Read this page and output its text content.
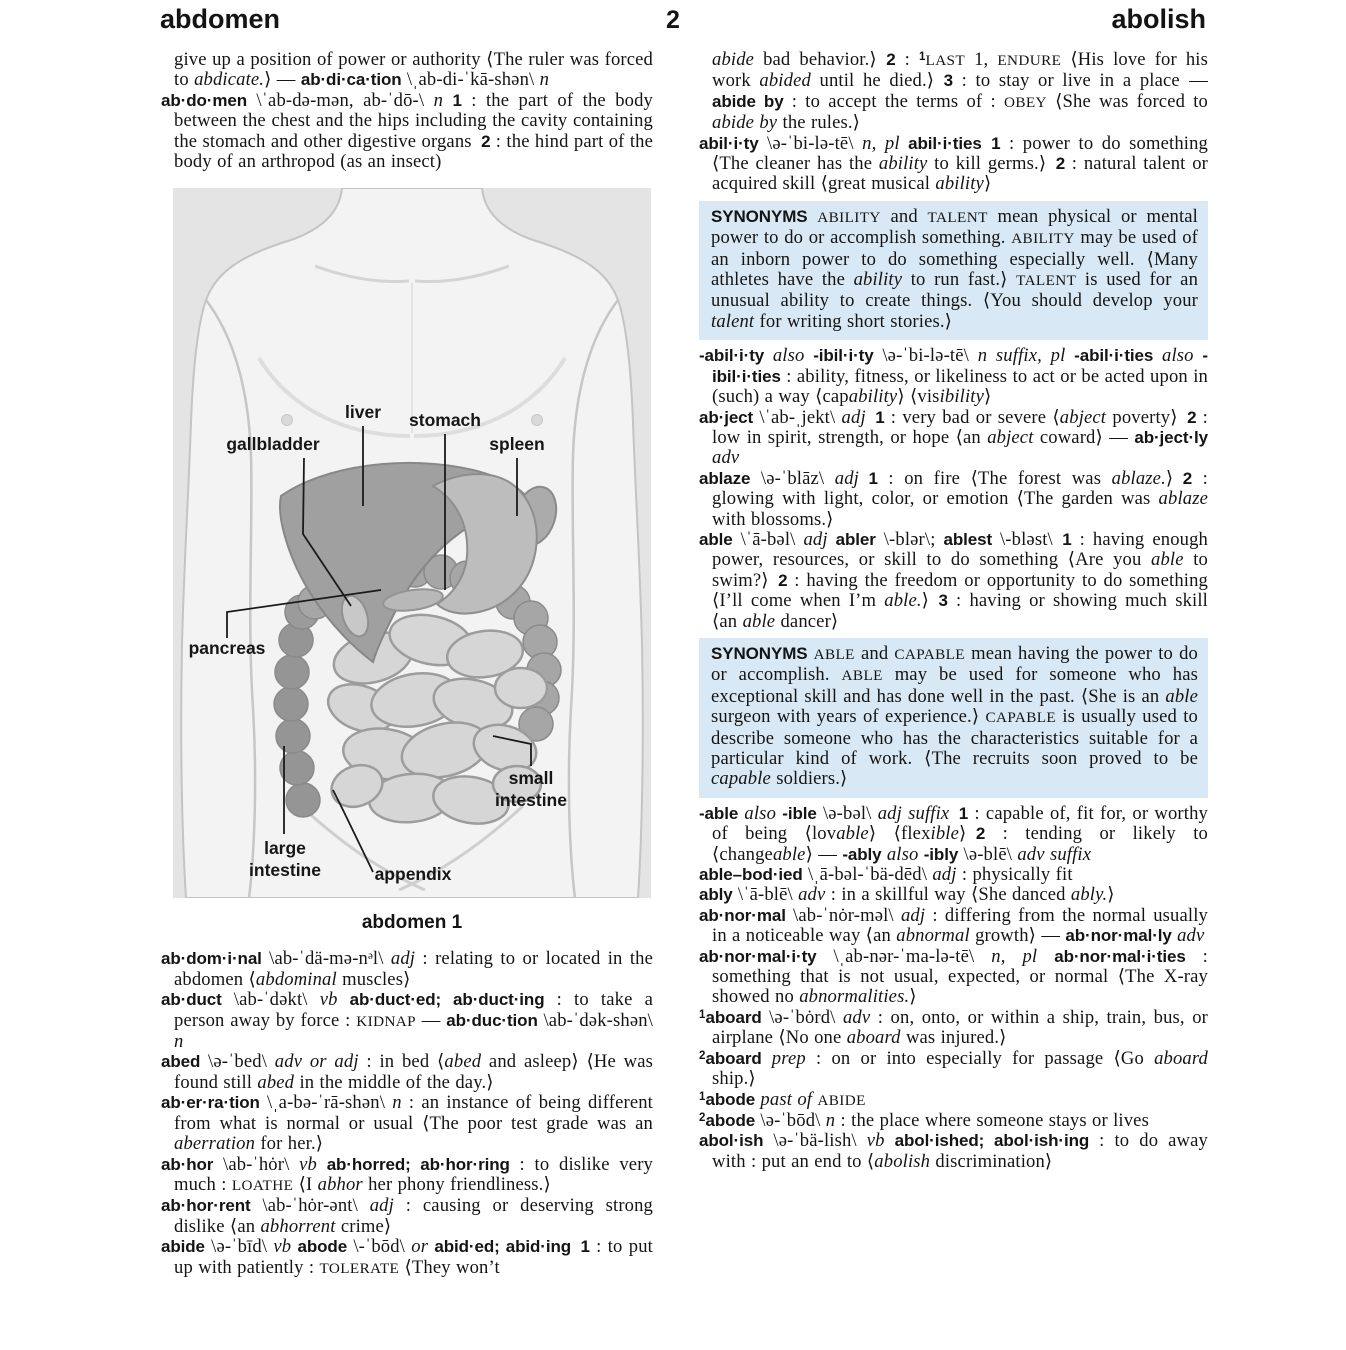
abdomen	2	abolish

give up a position of power or authority ⟨The ruler was forced to abdicate.⟩ — ab·di·ca·tion \ˌab-di-ˈkā-shən\ n

ab·do·men \ˈab-də-mən, ab-ˈdō-\ n  1 : the part of the body between the chest and the hips including the cavity containing the stomach and other digestive organs 2 : the hind part of the body of an arthropod (as an insect)

liver stomach
spleen
gallbladder
pancreas
large
intestine	appendix
small
intestine
abdomen 1

ab·dom·i·nal \ab-ˈdä-mə-nᵊl\ adj : relating to or located in the abdomen ⟨abdominal muscles⟩

ab·duct \ab-ˈdəkt\ vb ab·duct·ed; ab·duct·ing : to take a person away by force : KIDNAP — ab·duc·tion \ab-ˈdək-shən\ n

abed \ə-ˈbed\ adv or adj : in bed ⟨abed and asleep⟩ ⟨He was found still abed in the middle of the day.⟩

ab·er·ra·tion \ˌa-bə-ˈrā-shən\ n : an instance of being different from what is normal or usual ⟨The poor test grade was an aberration for her.⟩

ab·hor \ab-ˈhȯr\ vb ab·horred; ab·hor·ring : to dislike very much : LOATHE ⟨I abhor her phony friendliness.⟩

ab·hor·rent \ab-ˈhȯr-ənt\ adj : causing or deserving strong dislike ⟨an abhorrent crime⟩

abide \ə-ˈbīd\ vb abode \-ˈbōd\ or abid·ed; abid·ing  1 : to put up with patiently : TOLERATE ⟨They won’t

abide bad behavior.⟩ 2 : $^1$LAST 1, ENDURE ⟨His love for his work abided until he died.⟩ 3 : to stay or live in a place — abide by : to accept the terms of : OBEY ⟨She was forced to abide by the rules.⟩

abil·i·ty \ə-ˈbi-lə-tē\ n, pl abil·i·ties  1 : power to do something ⟨The cleaner has the ability to kill germs.⟩ 2 : natural talent or acquired skill ⟨great musical ability⟩

SYNONYMS ABILITY and TALENT mean physical or mental power to do or accomplish something. ABILITY may be used of an inborn power to do something especially well. ⟨Many athletes have the ability to run fast.⟩ TALENT is used for an unusual ability to create things. ⟨You should develop your talent for writing short stories.⟩

-abil·i·ty also -ibil·i·ty \ə-ˈbi-lə-tē\ n suffix, pl -abil·i·ties also -ibil·i·ties : ability, fitness, or likeliness to act or be acted upon in (such) a way ⟨capability⟩ ⟨visibility⟩

ab·ject \ˈab-ˌjekt\ adj  1 : very bad or severe ⟨abject poverty⟩ 2 : low in spirit, strength, or hope ⟨an abject coward⟩ — ab·ject·ly adv

ablaze \ə-ˈblāz\ adj  1 : on fire ⟨The forest was ablaze.⟩ 2 : glowing with light, color, or emotion ⟨The garden was ablaze with blossoms.⟩

able \ˈā-bəl\ adj abler \-blər\; ablest \-bləst\ 1 : having enough power, resources, or skill to do something ⟨Are you able to swim?⟩ 2 : having the freedom or opportunity to do something ⟨I’ll come when I’m able.⟩ 3 : having or showing much skill ⟨an able dancer⟩

SYNONYMS ABLE and CAPABLE mean having the power to do or accomplish. ABLE may be used for someone who has exceptional skill and has done well in the past. ⟨She is an able surgeon with years of experience.⟩ CAPABLE is usually used to describe someone who has the characteristics suitable for a particular kind of work. ⟨The recruits soon proved to be capable soldiers.⟩

-able also -ible \ə-bəl\ adj suffix  1 : capable of, fit for, or worthy of being ⟨lovable⟩ ⟨flexible⟩ 2 : tending or likely to ⟨changeable⟩ — -ably also -ibly \ə-blē\ adv suffix

able–bod·ied \ˌā-bəl-ˈbä-dēd\ adj : physically fit

ably \ˈā-blē\ adv : in a skillful way ⟨She danced ably.⟩

ab·nor·mal \ab-ˈnȯr-məl\ adj : differing from the normal usually in a noticeable way ⟨an abnormal growth⟩ — ab·nor·mal·ly adv

ab·nor·mal·i·ty \ˌab-nər-ˈma-lə-tē\ n, pl ab·nor·mal·i·ties : something that is not usual, expected, or normal ⟨The X-ray showed no abnormalities.⟩

$^1$aboard \ə-ˈbȯrd\ adv : on, onto, or within a ship, train, bus, or airplane ⟨No one aboard was injured.⟩

$^2$aboard prep : on or into especially for passage ⟨Go aboard ship.⟩

$^1$abode past of ABIDE

$^2$abode \ə-ˈbōd\ n : the place where someone stays or lives

abol·ish \ə-ˈbä-lish\ vb abol·ished; abol·ish·ing : to do away with : put an end to ⟨abolish discrimination⟩
